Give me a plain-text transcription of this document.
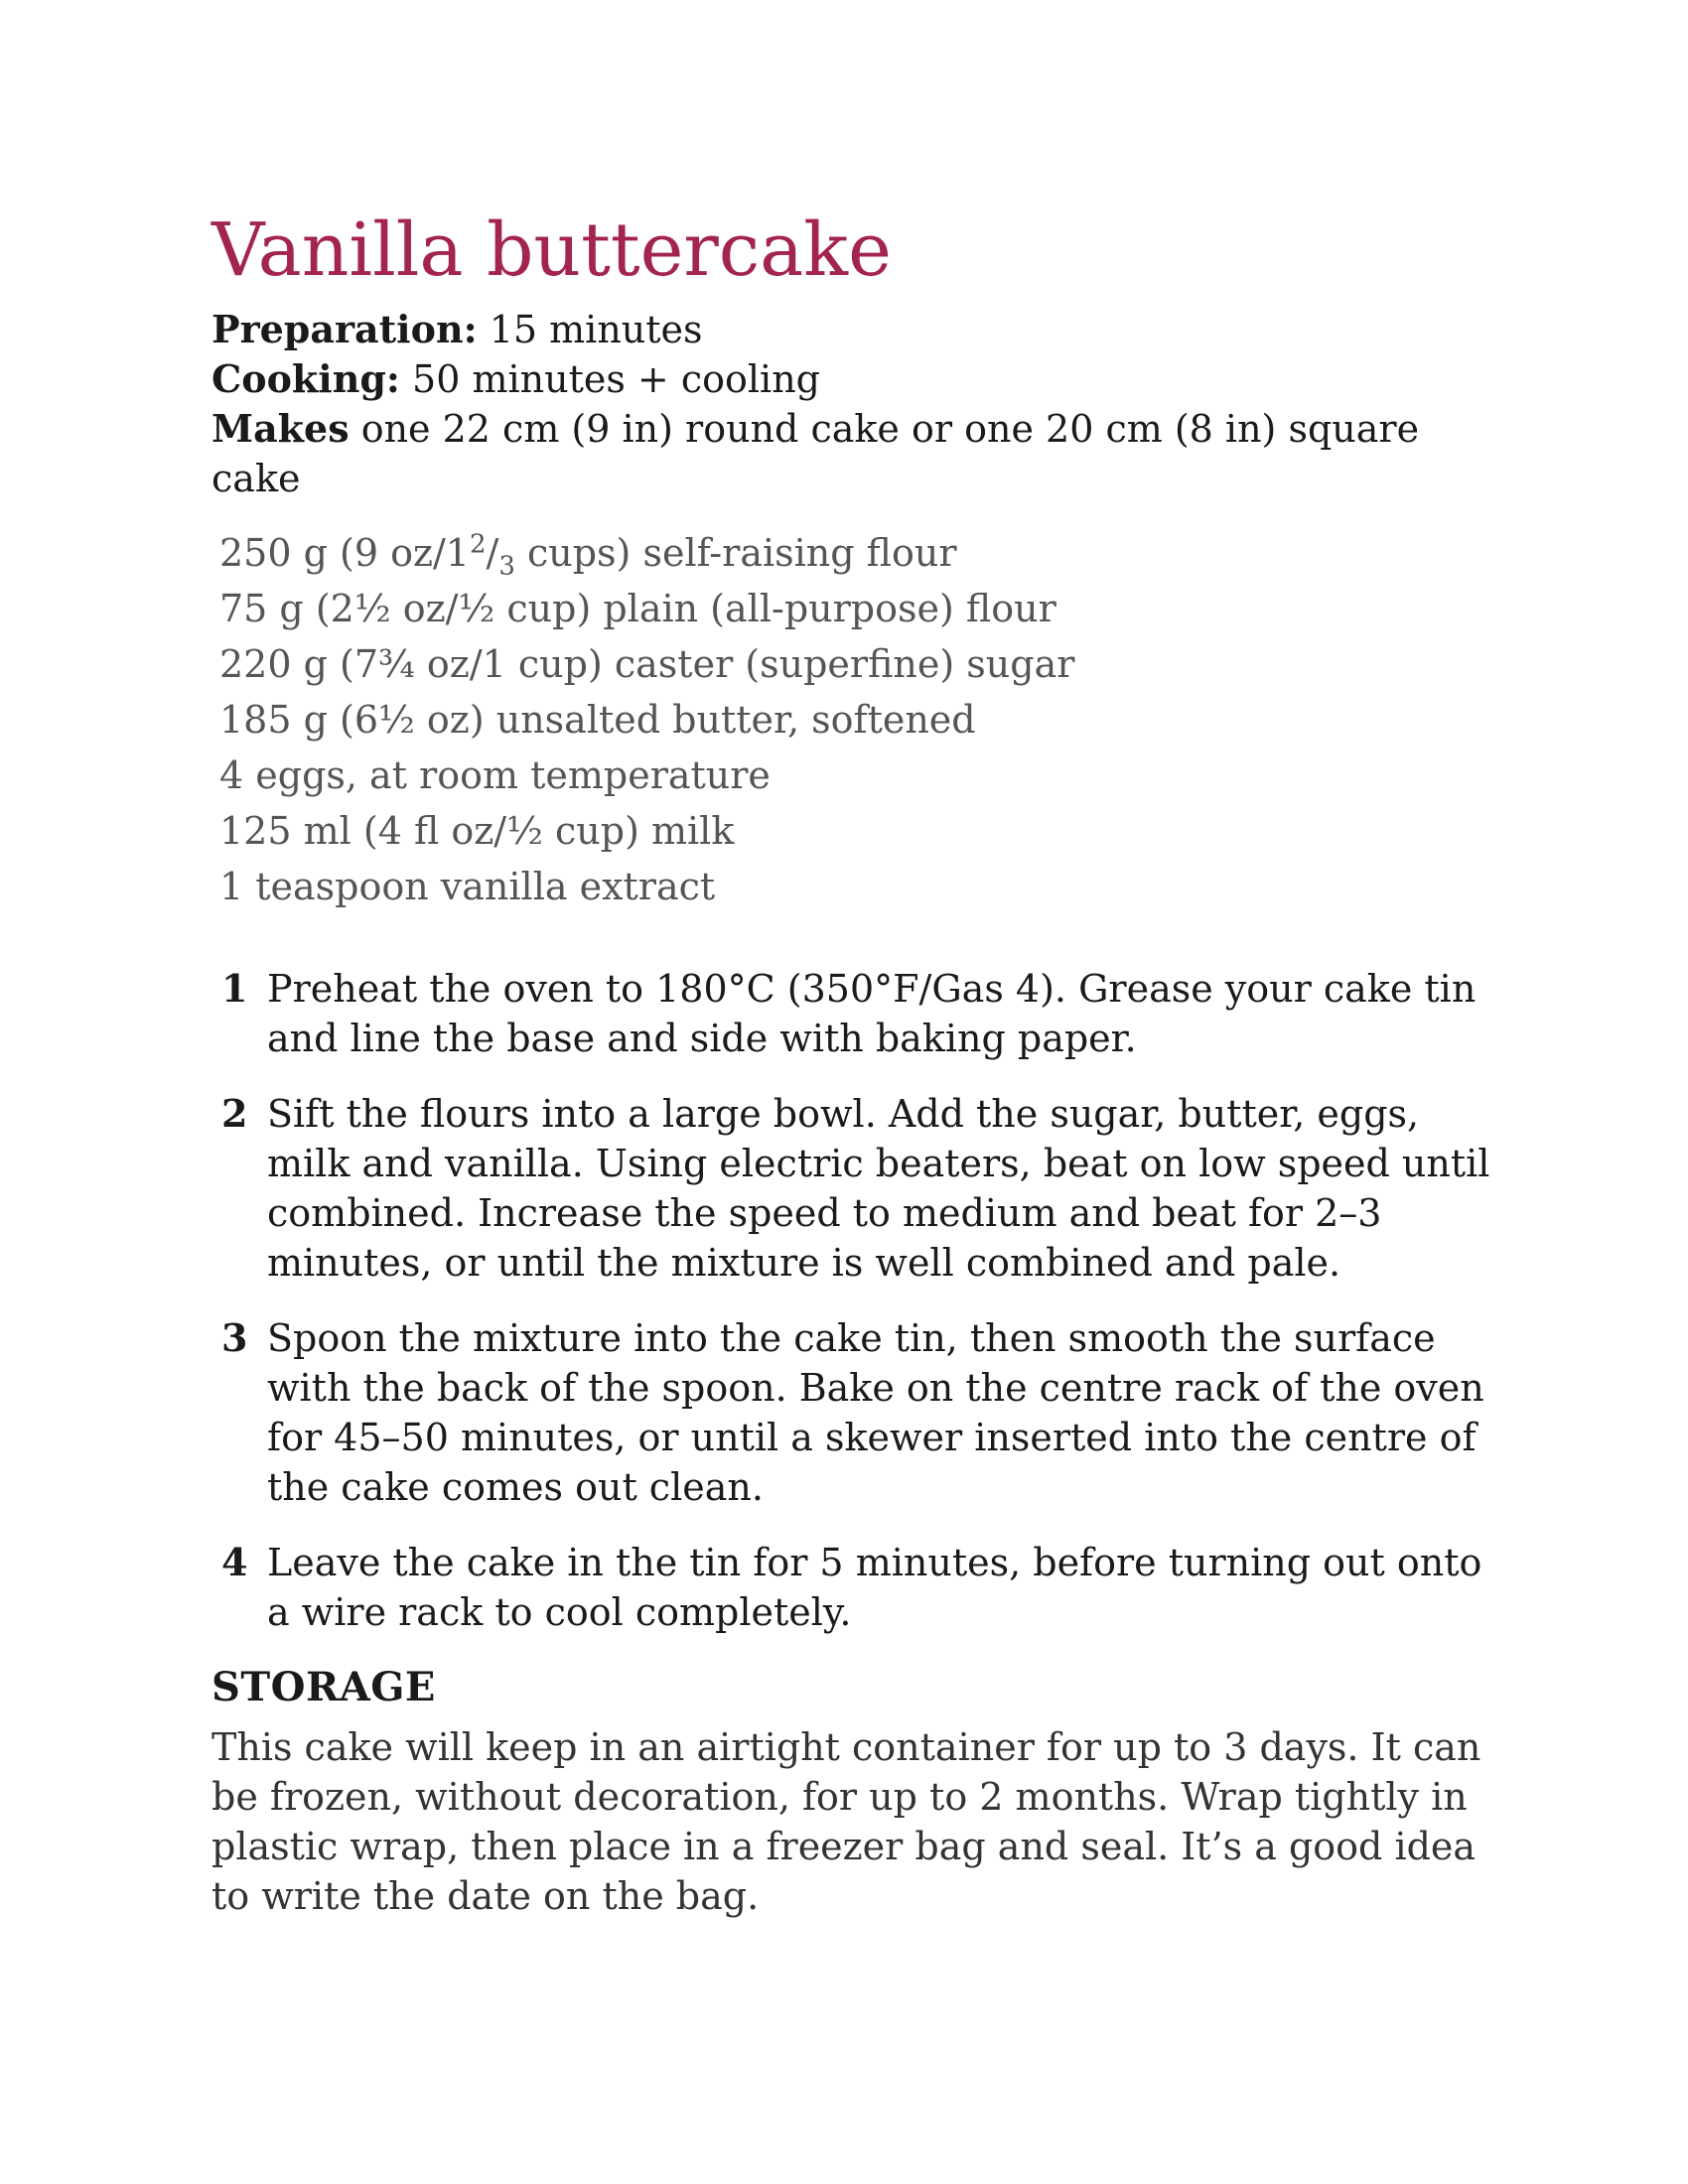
Vanilla buttercake

Preparation: 15 minutes

Cooking: 50 minutes + cooling

Makes one 22 cm (9 in) round cake or one 20 cm (8 in) square cake

250 g (9 $oz/1^2/_3$ cups) self-raising flour
75 g (2½ oz/½ cup) plain (all-purpose) flour
220 g (7¾ oz/1 cup) caster (superfine) sugar
185 g (6½ oz) unsalted butter, softened
4 eggs, at room temperature
125 ml (4 fl oz/½ cup) milk
1 teaspoon vanilla extract
1 Preheat the oven to 180°C (350°F/Gas 4). Grease your cake tin and line the base and side with baking paper.
2 Sift the flours into a large bowl. Add the sugar, butter, eggs, milk and vanilla. Using electric beaters, beat on low speed until combined. Increase the speed to medium and beat for 2–3 minutes, or until the mixture is well combined and pale.
3 Spoon the mixture into the cake tin, then smooth the surface with the back of the spoon. Bake on the centre rack of the oven for 45–50 minutes, or until a skewer inserted into the centre of the cake comes out clean.
4 Leave the cake in the tin for 5 minutes, before turning out onto a wire rack to cool completely.
STORAGE

This cake will keep in an airtight container for up to 3 days. It can be frozen, without decoration, for up to 2 months. Wrap tightly in plastic wrap, then place in a freezer bag and seal. It’s a good idea to write the date on the bag.
